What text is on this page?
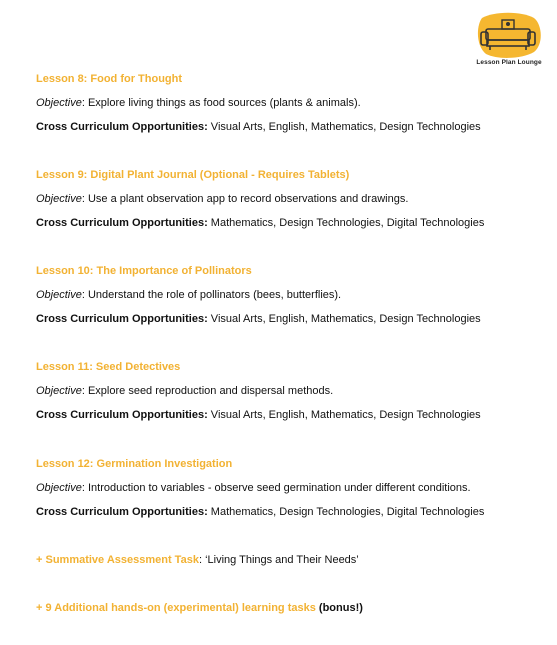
Lesson Plan Lounge

Lesson 8: Food for Thought

Objective: Explore living things as food sources (plants & animals).

Cross Curriculum Opportunities: Visual Arts, English, Mathematics, Design Technologies

Lesson 9: Digital Plant Journal (Optional - Requires Tablets)

Objective: Use a plant observation app to record observations and drawings.

Cross Curriculum Opportunities: Mathematics, Design Technologies, Digital Technologies

Lesson 10: The Importance of Pollinators

Objective: Understand the role of pollinators (bees, butterflies).

Cross Curriculum Opportunities: Visual Arts, English, Mathematics, Design Technologies

Lesson 11: Seed Detectives

Objective: Explore seed reproduction and dispersal methods.

Cross Curriculum Opportunities: Visual Arts, English, Mathematics, Design Technologies

Lesson 12: Germination Investigation

Objective: Introduction to variables - observe seed germination under different conditions.

Cross Curriculum Opportunities: Mathematics, Design Technologies, Digital Technologies

+ Summative Assessment Task: ‘Living Things and Their Needs’
+ 9 Additional hands-on (experimental) learning tasks (bonus!)
